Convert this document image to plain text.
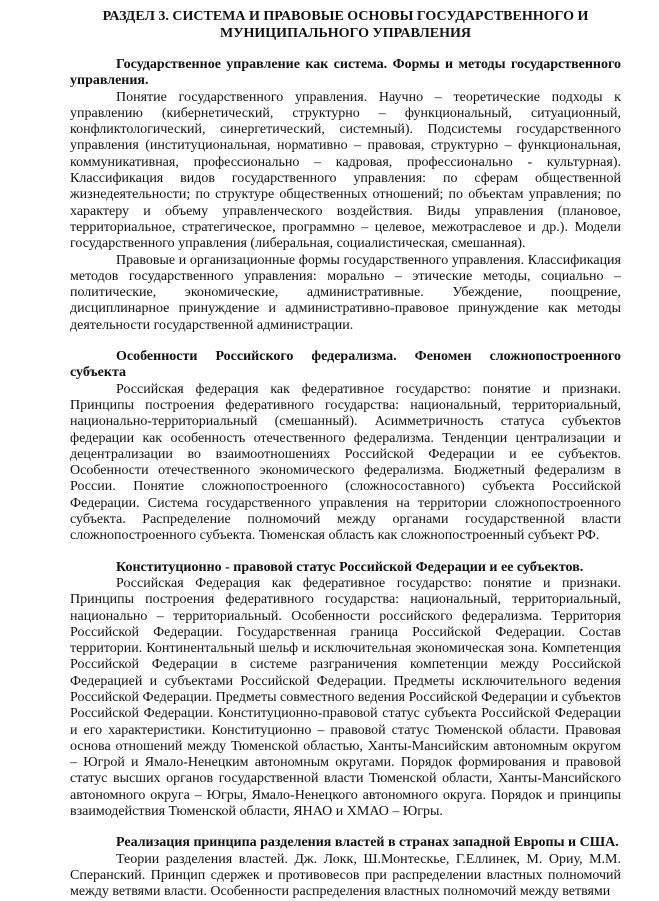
РАЗДЕЛ 3. СИСТЕМА И ПРАВОВЫЕ ОСНОВЫ ГОСУДАРСТВЕННОГО И
МУНИЦИПАЛЬНОГО УПРАВЛЕНИЯ

Государственное управление как система. Формы и методы государственного управления.

Понятие государственного управления. Научно – теоретические подходы к управлению (кибернетический, структурно – функциональный, ситуационный, конфликтологический, синергетический, системный). Подсистемы государственного управления (институциональная, нормативно – правовая, структурно – функциональная, коммуникативная, профессионально – кадровая, профессионально - культурная). Классификация видов государственного управления: по сферам общественной жизнедеятельности; по структуре общественных отношений; по объектам управления; по характеру и объему управленческого воздействия. Виды управления (плановое, территориальное, стратегическое, программно – целевое, межотраслевое и др.). Модели государственного управления (либеральная, социалистическая, смешанная).

Правовые и организационные формы государственного управления. Классификация методов государственного управления: морально – этические методы, социально – политические, экономические, административные. Убеждение, поощрение, дисциплинарное принуждение и административно-правовое принуждение как методы деятельности государственной администрации.

Особенности Российского федерализма. Феномен сложнопостроенного субъекта

Российская федерация как федеративное государство: понятие и признаки. Принципы построения федеративного государства: национальный, территориальный, национально-территориальный (смешанный). Асимметричность статуса субъектов федерации как особенность отечественного федерализма. Тенденции централизации и децентрализации во взаимоотношениях Российской Федерации и ее субъектов. Особенности отечественного экономического федерализма. Бюджетный федерализм в России. Понятие сложнопостроенного (сложносоставного) субъекта Российской Федерации. Система государственного управления на территории сложнопостроенного субъекта. Распределение полномочий между органами государственной власти сложнопостроенного субъекта. Тюменская область как сложнопостроенный субъект РФ.

Конституционно - правовой статус Российской Федерации и ее субъектов.

Российская Федерация как федеративное государство: понятие и признаки. Принципы построения федеративного государства: национальный, территориальный, национально – территориальный. Особенности российского федерализма. Территория Российской Федерации. Государственная граница Российской Федерации. Состав территории. Континентальный шельф и исключительная экономическая зона. Компетенция Российской Федерации в системе разграничения компетенции между Российской Федерацией и субъектами Российской Федерации. Предметы исключительного ведения Российской Федерации. Предметы совместного ведения Российской Федерации и субъектов Российской Федерации. Конституционно-правовой статус субъекта Российской Федерации и его характеристики. Конституционно – правовой статус Тюменской области. Правовая основа отношений между Тюменской областью, Ханты-Мансийским автономным округом – Югрой и Ямало-Ненецким автономным округами. Порядок формирования и правовой статус высших органов государственной власти Тюменской области, Ханты-Мансийского автономного округа – Югры, Ямало-Ненецкого автономного округа. Порядок и принципы взаимодействия Тюменской области, ЯНАО и ХМАО – Югры.

Реализация принципа разделения властей в странах западной Европы и США.

Теории разделения властей. Дж. Локк, Ш.Монтескье, Г.Еллинек, М. Ориу, М.М. Сперанский. Принцип сдержек и противовесов при распределении властных полномочий между ветвями власти. Особенности распределения властных полномочий между ветвями
